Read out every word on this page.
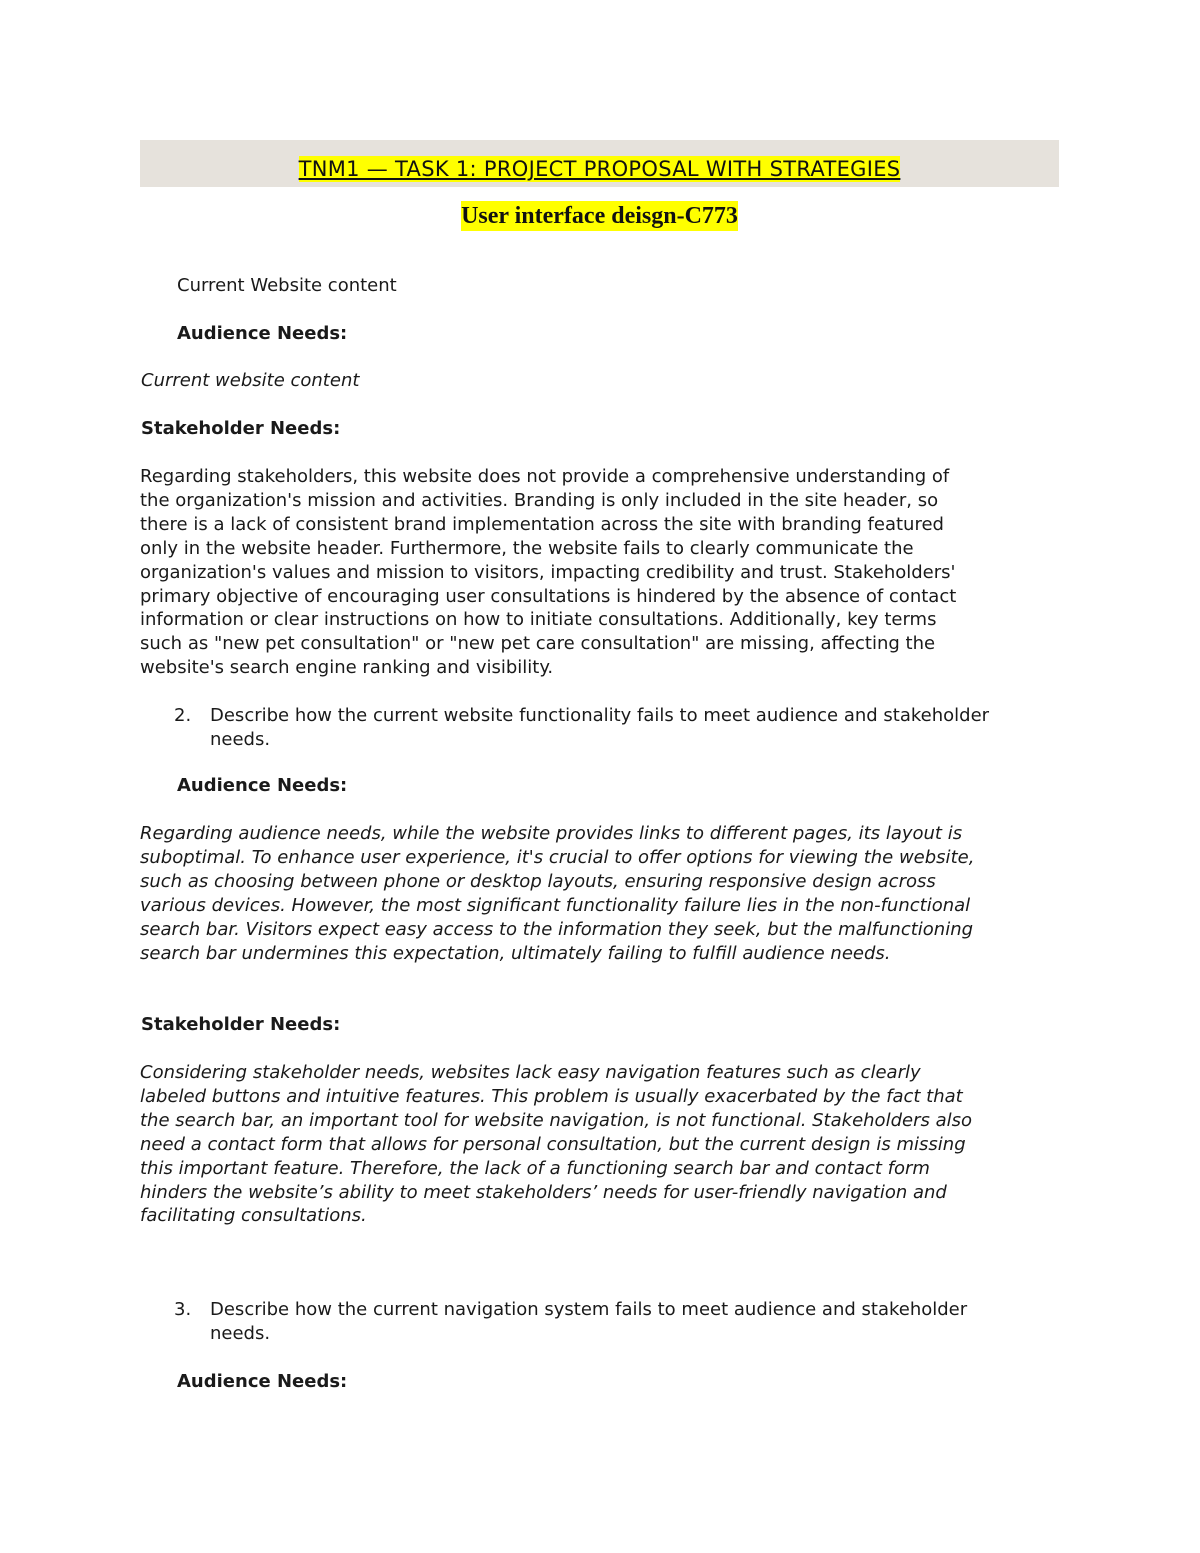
TNM1 — TASK 1: PROJECT PROPOSAL WITH STRATEGIES
User interface deisgn-C773

Current Website content

Audience Needs:

Current website content

Stakeholder Needs:

Regarding stakeholders, this website does not provide a comprehensive understanding of
the organization's mission and activities. Branding is only included in the site header, so
there is a lack of consistent brand implementation across the site with branding featured
only in the website header. Furthermore, the website fails to clearly communicate the
organization's values and mission to visitors, impacting credibility and trust. Stakeholders'
primary objective of encouraging user consultations is hindered by the absence of contact
information or clear instructions on how to initiate consultations. Additionally, key terms
such as "new pet consultation" or "new pet care consultation" are missing, affecting the
website's search engine ranking and visibility.
2. Describe how the current website functionality fails to meet audience and stakeholder
needs.

Audience Needs:

Regarding audience needs, while the website provides links to different pages, its layout is
suboptimal. To enhance user experience, it's crucial to offer options for viewing the website,
such as choosing between phone or desktop layouts, ensuring responsive design across
various devices. However, the most significant functionality failure lies in the non-functional
search bar. Visitors expect easy access to the information they seek, but the malfunctioning
search bar undermines this expectation, ultimately failing to fulfill audience needs.

Stakeholder Needs:

Considering stakeholder needs, websites lack easy navigation features such as clearly
labeled buttons and intuitive features. This problem is usually exacerbated by the fact that
the search bar, an important tool for website navigation, is not functional. Stakeholders also
need a contact form that allows for personal consultation, but the current design is missing
this important feature. Therefore, the lack of a functioning search bar and contact form
hinders the website’s ability to meet stakeholders’ needs for user-friendly navigation and
facilitating consultations.
3. Describe how the current navigation system fails to meet audience and stakeholder
needs.

Audience Needs:
